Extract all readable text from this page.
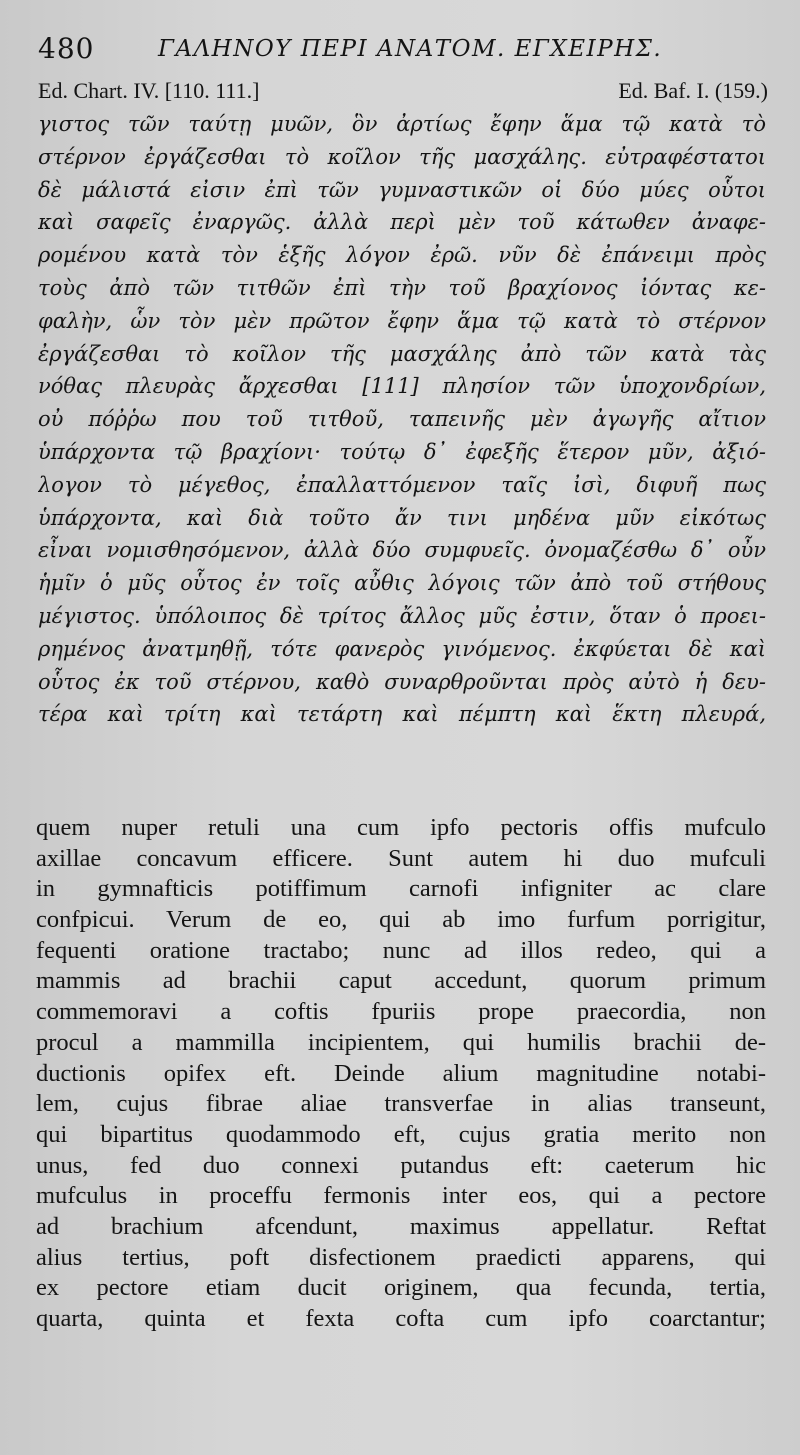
480	ΓΑΛΗΝΟΥ ΠΕΡΙ ΑΝΑΤΟΜ. ΕΓΧΕΙΡΗΣ.
Ed. Chart. IV. [110. 111.]	Ed. Baf. I. (159.)
γιστος τῶν ταύτῃ μυῶν, ὃν ἀρτίως ἔφην ἅμα τῷ κατὰ τὸ
στέρνον ἐργάζεσθαι τὸ κοῖλον τῆς μασχάλης. εὐτραφέστατοι
δὲ μάλιστά εἰσιν ἐπὶ τῶν γυμναστικῶν οἱ δύο μύες οὗτοι
καὶ σαφεῖς ἐναργῶς. ἀλλὰ περὶ μὲν τοῦ κάτωθεν ἀναφε-
ρομένου κατὰ τὸν ἑξῆς λόγον ἐρῶ. νῦν δὲ ἐπάνειμι πρὸς
τοὺς ἀπὸ τῶν τιτθῶν ἐπὶ τὴν τοῦ βραχίονος ἰόντας κε-
φαλὴν, ὧν τὸν μὲν πρῶτον ἔφην ἅμα τῷ κατὰ τὸ στέρνον
ἐργάζεσθαι τὸ κοῖλον τῆς μασχάλης ἀπὸ τῶν κατὰ τὰς
νόθας πλευρὰς ἄρχεσθαι [111] πλησίον τῶν ὑποχονδρίων,
οὐ πόῤῥω που τοῦ τιτθοῦ, ταπεινῆς μὲν ἀγωγῆς αἴτιον
ὑπάρχοντα τῷ βραχίονι· τούτῳ δ᾽ ἐφεξῆς ἕτερον μῦν, ἀξιό-
λογον τὸ μέγεθος, ἐπαλλαττόμενον ταῖς ἰσὶ, διφυῆ πως
ὑπάρχοντα, καὶ διὰ τοῦτο ἄν τινι μηδένα μῦν εἰκότως
εἶναι νομισθησόμενον, ἀλλὰ δύο συμφυεῖς. ὀνομαζέσθω δ᾽ οὖν
ἡμῖν ὁ μῦς οὗτος ἐν τοῖς αὖθις λόγοις τῶν ἀπὸ τοῦ στήθους
μέγιστος. ὑπόλοιπος δὲ τρίτος ἄλλος μῦς ἐστιν, ὅταν ὁ προει-
ρημένος ἀνατμηθῇ, τότε φανερὸς γινόμενος. ἐκφύεται δὲ καὶ
οὗτος ἐκ τοῦ στέρνου, καθὸ συναρθροῦνται πρὸς αὐτὸ ἡ δευ-
τέρα καὶ τρίτη καὶ τετάρτη καὶ πέμπτη καὶ ἕκτη πλευρά,
quem nuper retuli una cum ipfo pectoris offis mufculo
axillae concavum efficere. Sunt autem hi duo mufculi
in gymnafticis potiffimum carnofi infigniter ac clare
confpicui. Verum de eo, qui ab imo furfum porrigitur,
fequenti oratione tractabo; nunc ad illos redeo, qui a
mammis ad brachii caput accedunt, quorum primum
commemoravi a coftis fpuriis prope praecordia, non
procul a mammilla incipientem, qui humilis brachii de-
ductionis opifex eft. Deinde alium magnitudine notabi-
lem, cujus fibrae aliae transverfae in alias transeunt,
qui bipartitus quodammodo eft, cujus gratia merito non
unus, fed duo connexi putandus eft: caeterum hic
mufculus in proceffu fermonis inter eos, qui a pectore
ad brachium afcendunt, maximus appellatur. Reftat
alius tertius, poft disfectionem praedicti apparens, qui
ex pectore etiam ducit originem, qua fecunda, tertia,
quarta, quinta et fexta cofta cum ipfo coarctantur;
